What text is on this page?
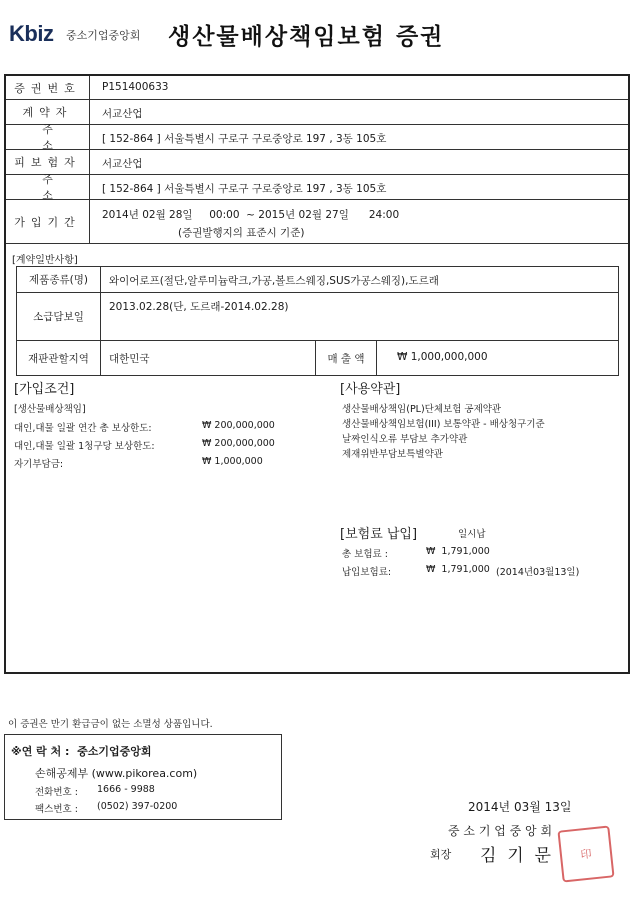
Kbiz 중소기업중앙회 생산물배상책임보험 증권
증권번호	P151400633
계약자	서교산업
주소 [ 152-864 ] 서울특별시 구로구 구로중앙로 197 , 3동 105호
피보험자	서교산업
주소 [ 152-864 ] 서울특별시 구로구 구로중앙로 197 , 3동 105호
가입기간
2014년 02월 28일     00:00  ~ 2015년 02월 27일      24:00
(증권발행지의 표준시 기준)
[계약일반사항]
제품종류(명)	와이어로프(절단,알루미늄락크,가공,볼트스웨징,SUS가공스웨징),도르래
소급담보일
2013.02.28(단, 도르래-2014.02.28)
재판관할지역	대한민국	매 출 액	₩ 1,000,000,000
[가입조건]
[생산물배상책임]
대인,대물 일괄 연간 총 보상한도:	₩ 200,000,000
대인,대물 일괄 1청구당 보상한도:	₩ 200,000,000
자기부담금:	₩ 1,000,000
[사용약관]
생산물배상책임(PL)단체보험 공제약관
생산물배상책임보험(III) 보통약관 - 배상청구기준
날짜인식오류 부담보 추가약관
제재위반부담보특별약관
[보험료 납입]	일시납
총 보험료 :	₩  1,791,000
납입보험료:	₩  1,791,000 (2014년03월13일)
이 증권은 만기 환급금이 없는 소멸성 상품입니다.
※연 락 처 :  중소기업중앙회
손해공제부 (www.pikorea.com)
전화번호 : 1666 - 9988
팩스번호 : (0502) 397-0200	2014년 03월 13일
중 소 기 업 중 앙 회
회장 김  기  문	印
